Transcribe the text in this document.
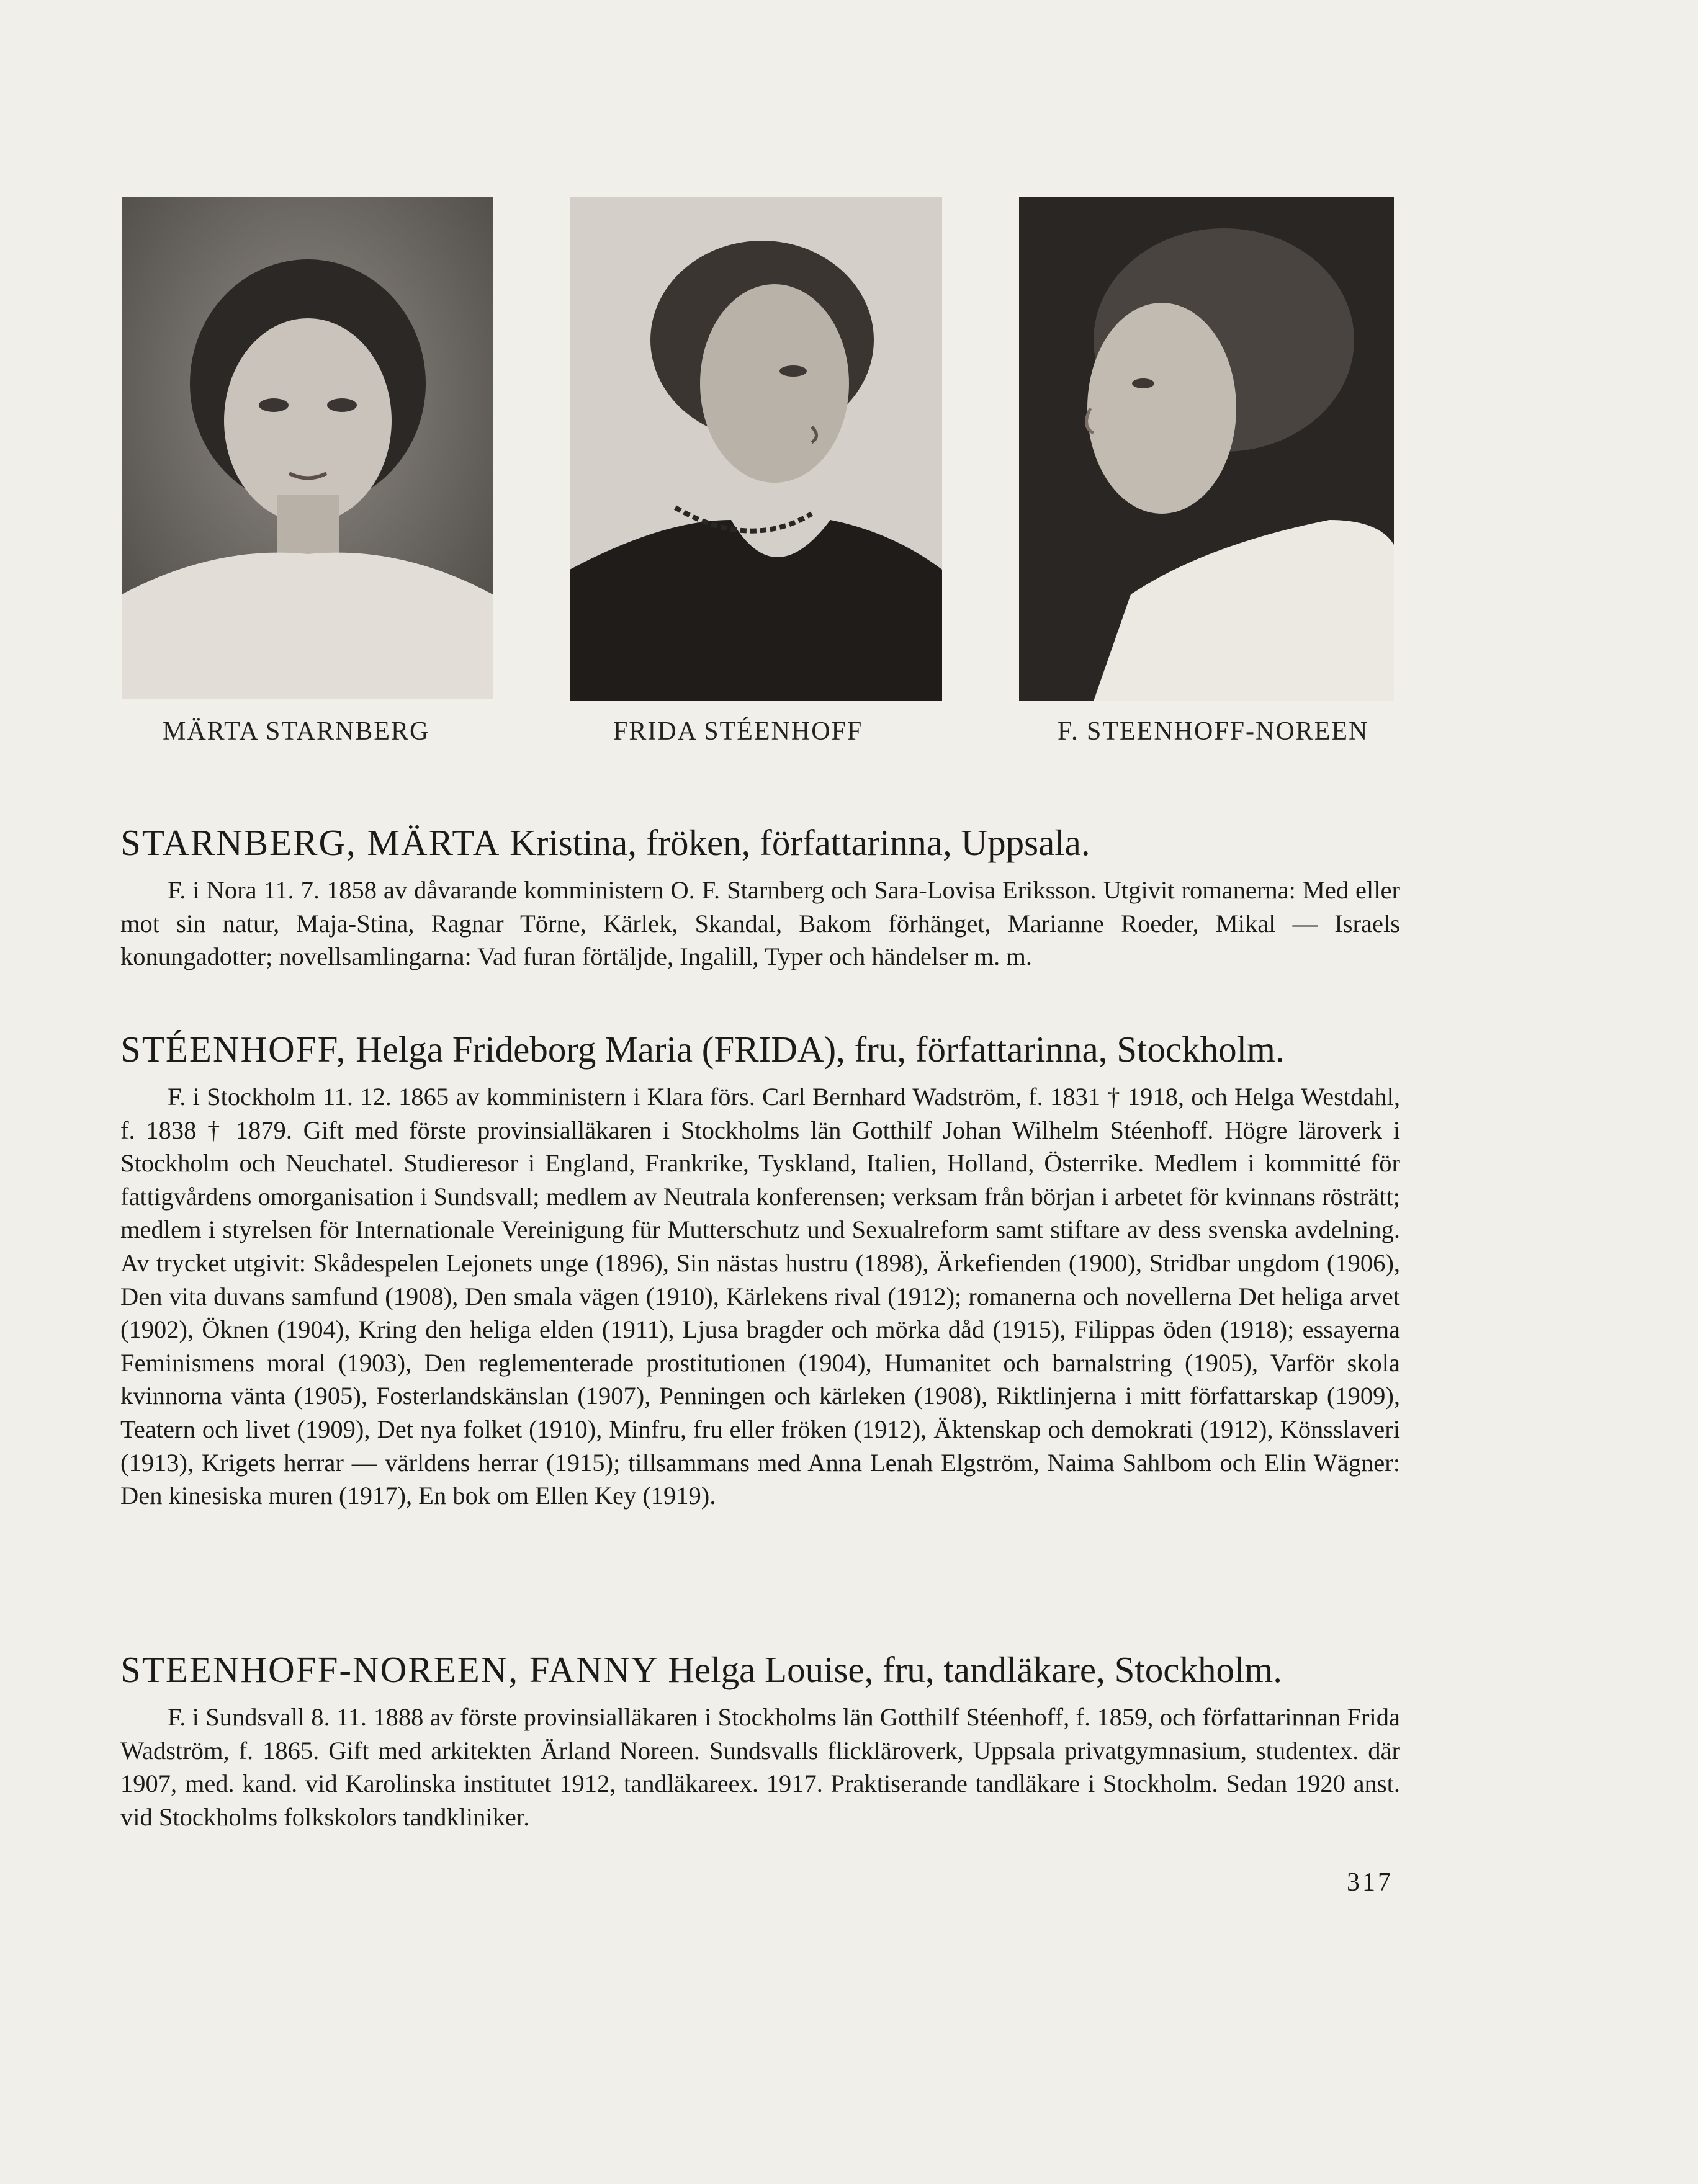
MÄRTA STARNBERG	FRIDA STÉENHOFF	F. STEENHOFF-NOREEN

STARNBERG, MÄRTA Kristina, fröken, författarinna, Uppsala.

F. i Nora 11. 7. 1858 av dåvarande komministern O. F. Starnberg och Sara-Lovisa Eriksson. Utgivit romanerna: Med eller mot sin natur, Maja-Stina, Ragnar Törne, Kärlek, Skandal, Bakom förhänget, Marianne Roeder, Mikal — Israels konungadotter; novellsamlingarna: Vad furan förtäljde, Ingalill, Typer och händelser m. m.

STÉENHOFF, Helga Frideborg Maria (FRIDA), fru, författarinna, Stockholm.

F. i Stockholm 11. 12. 1865 av komministern i Klara förs. Carl Bernhard Wadström, f. 1831 † 1918, och Helga Westdahl, f. 1838 † 1879. Gift med förste provinsialläkaren i Stockholms län Gotthilf Johan Wilhelm Stéenhoff. Högre läroverk i Stockholm och Neuchatel. Studieresor i England, Frankrike, Tyskland, Italien, Holland, Österrike. Medlem i kommitté för fattigvårdens omorganisation i Sundsvall; medlem av Neutrala konferensen; verksam från början i arbetet för kvinnans rösträtt; medlem i styrelsen för Internationale Vereinigung für Mutterschutz und Sexualreform samt stiftare av dess svenska avdelning. Av trycket utgivit: Skådespelen Lejonets unge (1896), Sin nästas hustru (1898), Ärkefienden (1900), Stridbar ungdom (1906), Den vita duvans samfund (1908), Den smala vägen (1910), Kärlekens rival (1912); romanerna och novellerna Det heliga arvet (1902), Öknen (1904), Kring den heliga elden (1911), Ljusa bragder och mörka dåd (1915), Filippas öden (1918); essayerna Feminismens moral (1903), Den reglementerade prostitutionen (1904), Humanitet och barnalstring (1905), Varför skola kvinnorna vänta (1905), Fosterlandskänslan (1907), Penningen och kärleken (1908), Riktlinjerna i mitt författarskap (1909), Teatern och livet (1909), Det nya folket (1910), Minfru, fru eller fröken (1912), Äktenskap och demokrati (1912), Könsslaveri (1913), Krigets herrar — världens herrar (1915); tillsammans med Anna Lenah Elgström, Naima Sahlbom och Elin Wägner: Den kinesiska muren (1917), En bok om Ellen Key (1919).

STEENHOFF-NOREEN, FANNY Helga Louise, fru, tandläkare, Stockholm.

F. i Sundsvall 8. 11. 1888 av förste provinsialläkaren i Stockholms län Gotthilf Stéenhoff, f. 1859, och författarinnan Frida Wadström, f. 1865. Gift med arkitekten Ärland Noreen. Sundsvalls flickläroverk, Uppsala privatgymnasium, studentex. där 1907, med. kand. vid Karolinska institutet 1912, tandläkareex. 1917. Praktiserande tandläkare i Stockholm. Sedan 1920 anst. vid Stockholms folkskolors tandkliniker.

317
